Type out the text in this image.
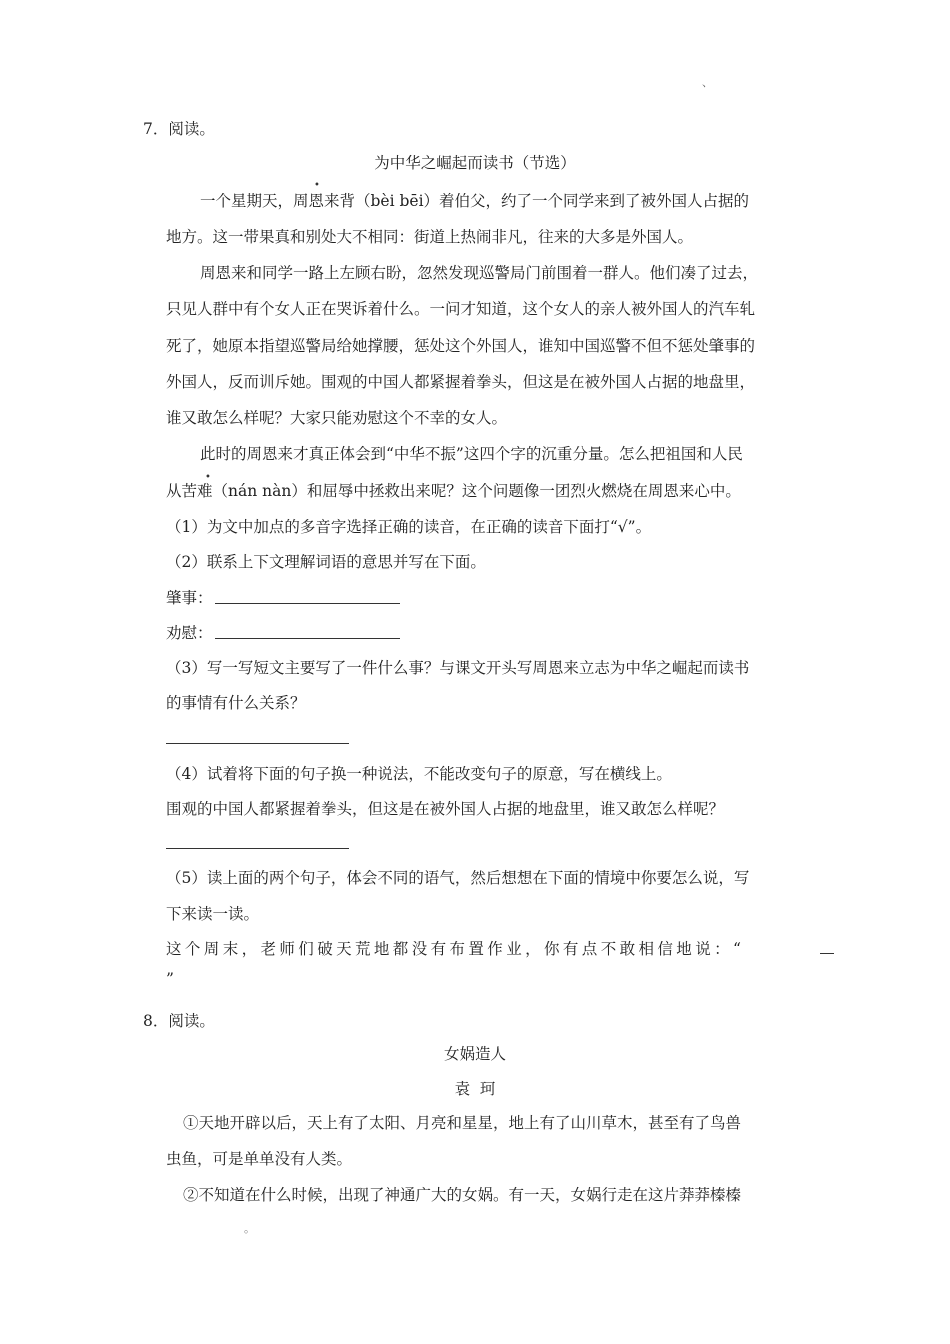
、
7．阅读。
为中华之崛起而读书（节选）
一个星期天，周恩来背（bèi bēi）着伯父，约了一个同学来到了被外国人占据的
•
地方。这一带果真和别处大不相同：街道上热闹非凡，往来的大多是外国人。
周恩来和同学一路上左顾右盼，忽然发现巡警局门前围着一群人。他们凑了过去，
只见人群中有个女人正在哭诉着什么。一问才知道，这个女人的亲人被外国人的汽车轧
死了，她原本指望巡警局给她撑腰，惩处这个外国人，谁知中国巡警不但不惩处肇事的
外国人，反而训斥她。围观的中国人都紧握着拳头，但这是在被外国人占据的地盘里，
谁又敢怎么样呢？大家只能劝慰这个不幸的女人。
此时的周恩来才真正体会到“中华不振”这四个字的沉重分量。怎么把祖国和人民
•
从苦难（nán nàn）和屈辱中拯救出来呢？这个问题像一团烈火燃烧在周恩来心中。
（1）为文中加点的多音字选择正确的读音，在正确的读音下面打“√”。
（2）联系上下文理解词语的意思并写在下面。
肇事：
劝慰：
（3）写一写短文主要写了一件什么事？与课文开头写周恩来立志为中华之崛起而读书
的事情有什么关系？
（4）试着将下面的句子换一种说法，不能改变句子的原意，写在横线上。
围观的中国人都紧握着拳头，但这是在被外国人占据的地盘里，谁又敢怎么样呢？
（5）读上面的两个句子，体会不同的语气，然后想想在下面的情境中你要怎么说，写
下来读一读。
这个周末，老师们破天荒地都没有布置作业，你有点不敢相信地说：“
”
8．阅读。
女娲造人
袁  珂
①天地开辟以后，天上有了太阳、月亮和星星，地上有了山川草木，甚至有了鸟兽
虫鱼，可是单单没有人类。
②不知道在什么时候，出现了神通广大的女娲。有一天，女娲行走在这片莽莽榛榛
。
